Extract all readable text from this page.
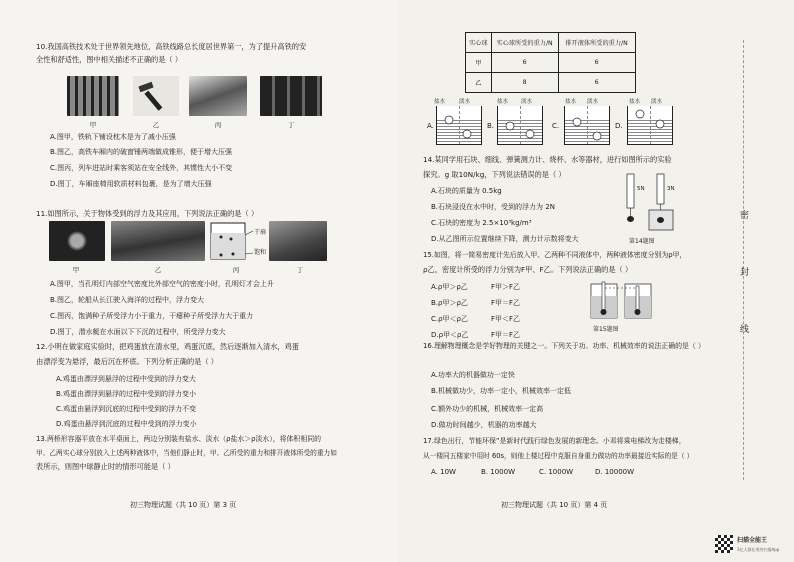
10.我国高铁技术处于世界领先地位，高铁线路总长度居世界第一，为了提升高铁的安
全性和舒适性，图中相关描述不正确的是（ ）
甲	乙	丙	丁
A.图甲，铁轨下铺设枕木是为了减小压强
B.图乙，高铁车厢内的破窗锤两端做成锥形，便于增大压强
C.图丙，列车进站时乘客须站在安全线外，其惯性大小不变
D.图丁，车厢座椅用软质材料包裹，是为了增大压强
11.如图所示，关于物体受到的浮力及其应用，下列说法正确的是（ ）
干扇
饱和
甲	乙	丙	丁
A.图甲，当孔明灯内部空气密度比外部空气的密度小时，孔明灯才会上升
B.图乙，轮船从长江驶入海洋的过程中，浮力变大
C.图丙，饱满种子所受浮力小于重力，干瘪种子所受浮力大于重力
D.图丁，潜水艇在水面以下下沉的过程中，所受浮力变大
12.小明在做家庭实验时，把鸡蛋放在清水里，鸡蛋沉底，然后逐渐加入清水，鸡蛋
由漂浮变为悬浮，最后沉在杯底。下列分析正确的是（ ）
A.鸡蛋由漂浮到悬浮的过程中受到的浮力变大
B.鸡蛋由漂浮到悬浮的过程中受到的浮力变小
C.鸡蛋由悬浮到沉底的过程中受到的浮力不变
D.鸡蛋由悬浮到沉底的过程中受到的浮力变小
13.两桥形容器平放在水平桌面上，两边分别装有盐水、淡水（ρ盐水＞ρ淡水），将体积相同的
甲、乙两实心球分别放入上述两种液体中，当他们静止时，甲、乙所受的重力和排开液体所受的重力如
表所示，则图中球静止时的情形可能是（ ）
初三物理试题（共 10 页）第 3 页
实心球	实心球所受的重力/N	排开液体所受的重力/N
甲	6	6
乙	8	6
A.
盐水	淡水
B.
盐水 淡水
C.
盐水 淡水
D.
盐水 淡水
14.某同学用石块、细线、弹簧测力计、烧杯、水等器材，进行如图所示的实验
探究。g 取10N/kg，下列说法错误的是（ ）
A.石块的质量为 0.5kg
B.石块浸没在水中时，受到的浮力为 2N
C.石块的密度为 2.5×10³kg/m³
D.从乙图所示位置继续下降，测力计示数将变大
5N	3N
第14题图
15.如图，将一简易密度计先后放入甲、乙两种不同液体中，两种液体密度分别为ρ甲，
ρ乙，密度计所受的浮力分别为F甲、F乙。下列说法正确的是（ ）
A.ρ甲＞ρ乙	F甲＞F乙
B.ρ甲＞ρ乙	F甲＝F乙
C.ρ甲＜ρ乙	F甲＜F乙
D.ρ甲＜ρ乙	F甲＝F乙
第15题图
16.理解物理概念是学好物理的关键之一。下列关于功、功率、机械效率的说法正确的是（ ）
A.功率大的机器做功一定快
B.机械做功少，功率一定小，机械效率一定低
C.额外功少的机械，机械效率一定高
D.做功时间越少，机器的功率越大
17.绿色出行，节能环保”是新时代践行绿色发展的新理念。小邓将乘电梯改为走楼梯，
从一楼同五楼家中用时 60s，则他上楼过程中克服自身重力做功的功率最接近实际的是（ ）
A. 10W	B. 1000W	C. 1000W	D. 10000W
初三物理试题（共 10 页）第 4 页
密
封
线
扫描全能王
3亿人都在用的扫描App
